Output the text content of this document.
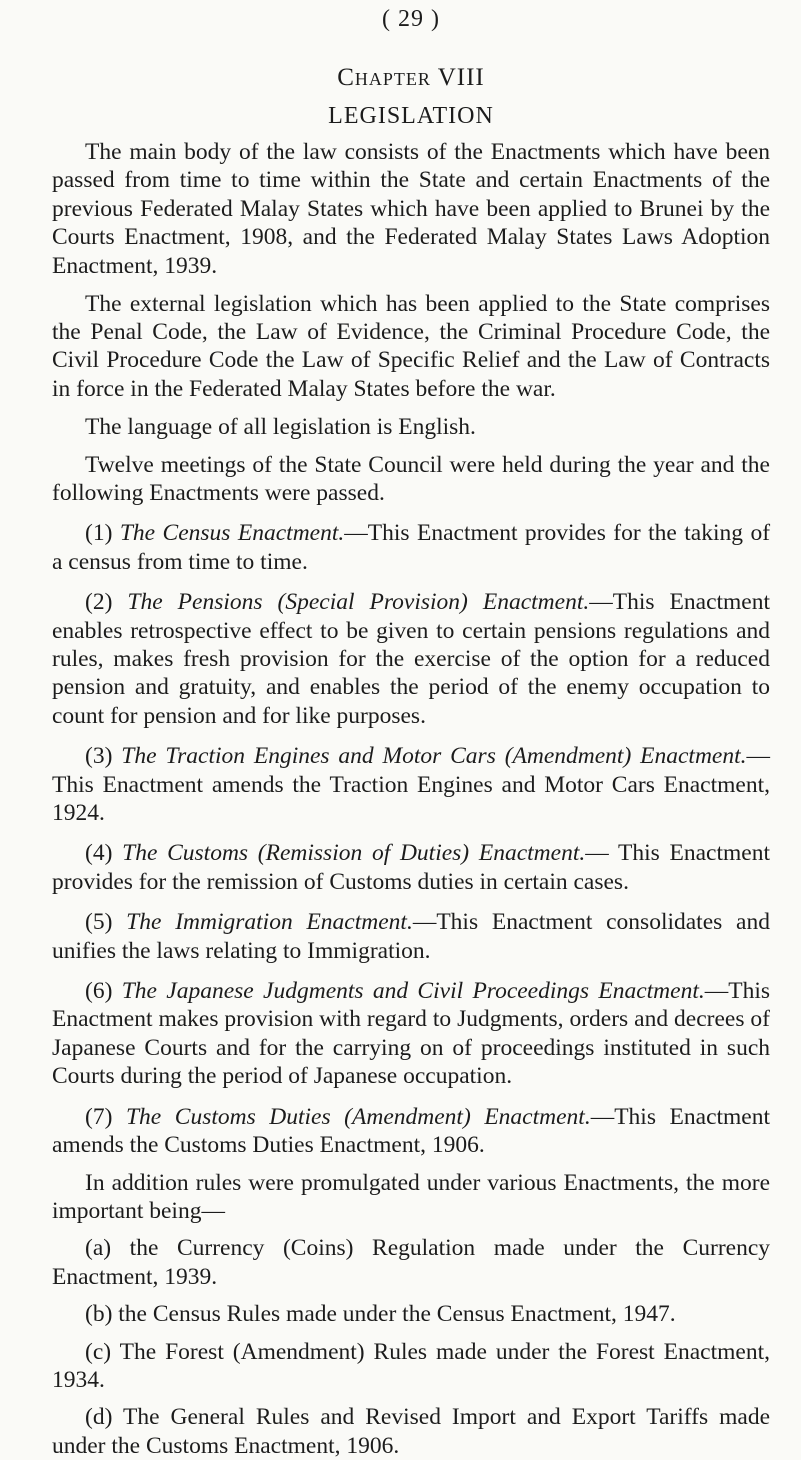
( 29 )
Chapter VIII
LEGISLATION

The main body of the law consists of the Enactments which have been passed from time to time within the State and certain Enactments of the previous Federated Malay States which have been applied to Brunei by the Courts Enactment, 1908, and the Federated Malay States Laws Adoption Enactment, 1939.

The external legislation which has been applied to the State comprises the Penal Code, the Law of Evidence, the Criminal Procedure Code, the Civil Procedure Code the Law of Specific Relief and the Law of Contracts in force in the Federated Malay States before the war.

The language of all legislation is English.

Twelve meetings of the State Council were held during the year and the following Enactments were passed.

(1) The Census Enactment.—This Enactment provides for the taking of a census from time to time.

(2) The Pensions (Special Provision) Enactment.—This Enactment enables retrospective effect to be given to certain pensions regulations and rules, makes fresh provision for the exercise of the option for a reduced pension and gratuity, and enables the period of the enemy occupation to count for pension and for like purposes.

(3) The Traction Engines and Motor Cars (Amendment) Enactment.—This Enactment amends the Traction Engines and Motor Cars Enactment, 1924.

(4) The Customs (Remission of Duties) Enactment.— This Enactment provides for the remission of Customs duties in certain cases.

(5) The Immigration Enactment.—This Enactment consolidates and unifies the laws relating to Immigration.

(6) The Japanese Judgments and Civil Proceedings Enactment.—This Enactment makes provision with regard to Judgments, orders and decrees of Japanese Courts and for the carrying on of proceedings instituted in such Courts during the period of Japanese occupation.

(7) The Customs Duties (Amendment) Enactment.—This Enactment amends the Customs Duties Enactment, 1906.

In addition rules were promulgated under various Enactments, the more important being—

(a) the Currency (Coins) Regulation made under the Currency Enactment, 1939.

(b) the Census Rules made under the Census Enactment, 1947.

(c) The Forest (Amendment) Rules made under the Forest Enactment, 1934.

(d) The General Rules and Revised Import and Export Tariffs made under the Customs Enactment, 1906.
